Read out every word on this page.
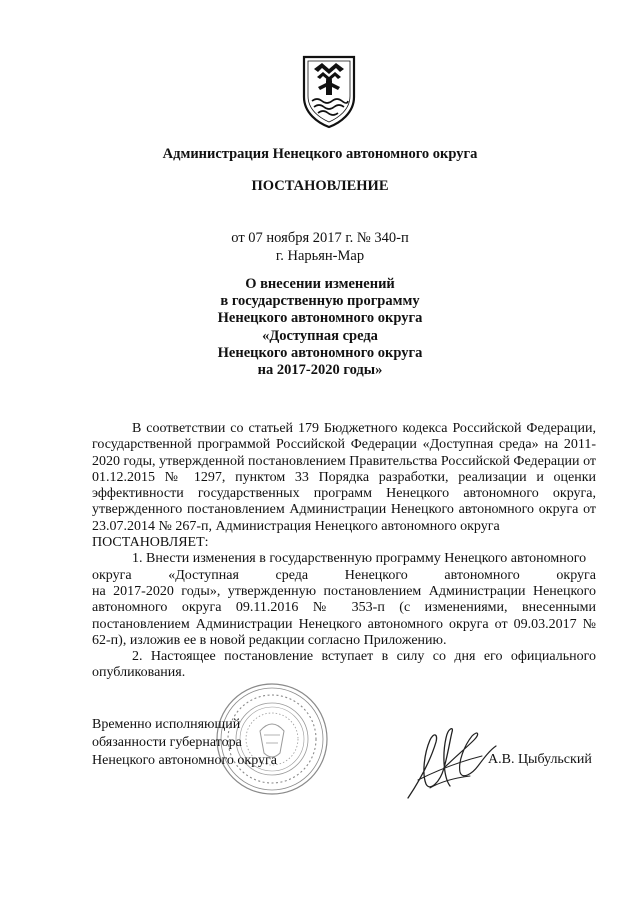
Администрация Ненецкого автономного округа
ПОСТАНОВЛЕНИЕ
от 07 ноября 2017 г. № 340-п
г. Нарьян-Мар
О внесении изменений
в государственную программу
Ненецкого автономного округа
«Доступная среда
Ненецкого автономного округа
на 2017-2020 годы»

В соответствии со статьей 179 Бюджетного кодекса Российской Федерации, государственной программой Российской Федерации «Доступная среда» на 2011-2020 годы, утвержденной постановлением Правительства Российской Федерации от 01.12.2015 № 1297, пунктом 33 Порядка разработки, реализации и оценки эффективности государственных программ Ненецкого автономного округа, утвержденного постановлением Администрации Ненецкого автономного округа от 23.07.2014 № 267-п, Администрация Ненецкого автономного округа

ПОСТАНОВЛЯЕТ:

1. Внести изменения в государственную программу Ненецкого автономного

округа «Доступная среда Ненецкого автономного округа

на 2017-2020 годы», утвержденную постановлением Администрации Ненецкого автономного округа 09.11.2016 № 353-п (с изменениями, внесенными постановлением Администрации Ненецкого автономного округа от 09.03.2017 № 62-п), изложив ее в новой редакции согласно Приложению.

2. Настоящее постановление вступает в силу со дня его официального опубликования.

Временно исполняющий
обязанности губернатора
Ненецкого автономного округа	А.В. Цыбульский
